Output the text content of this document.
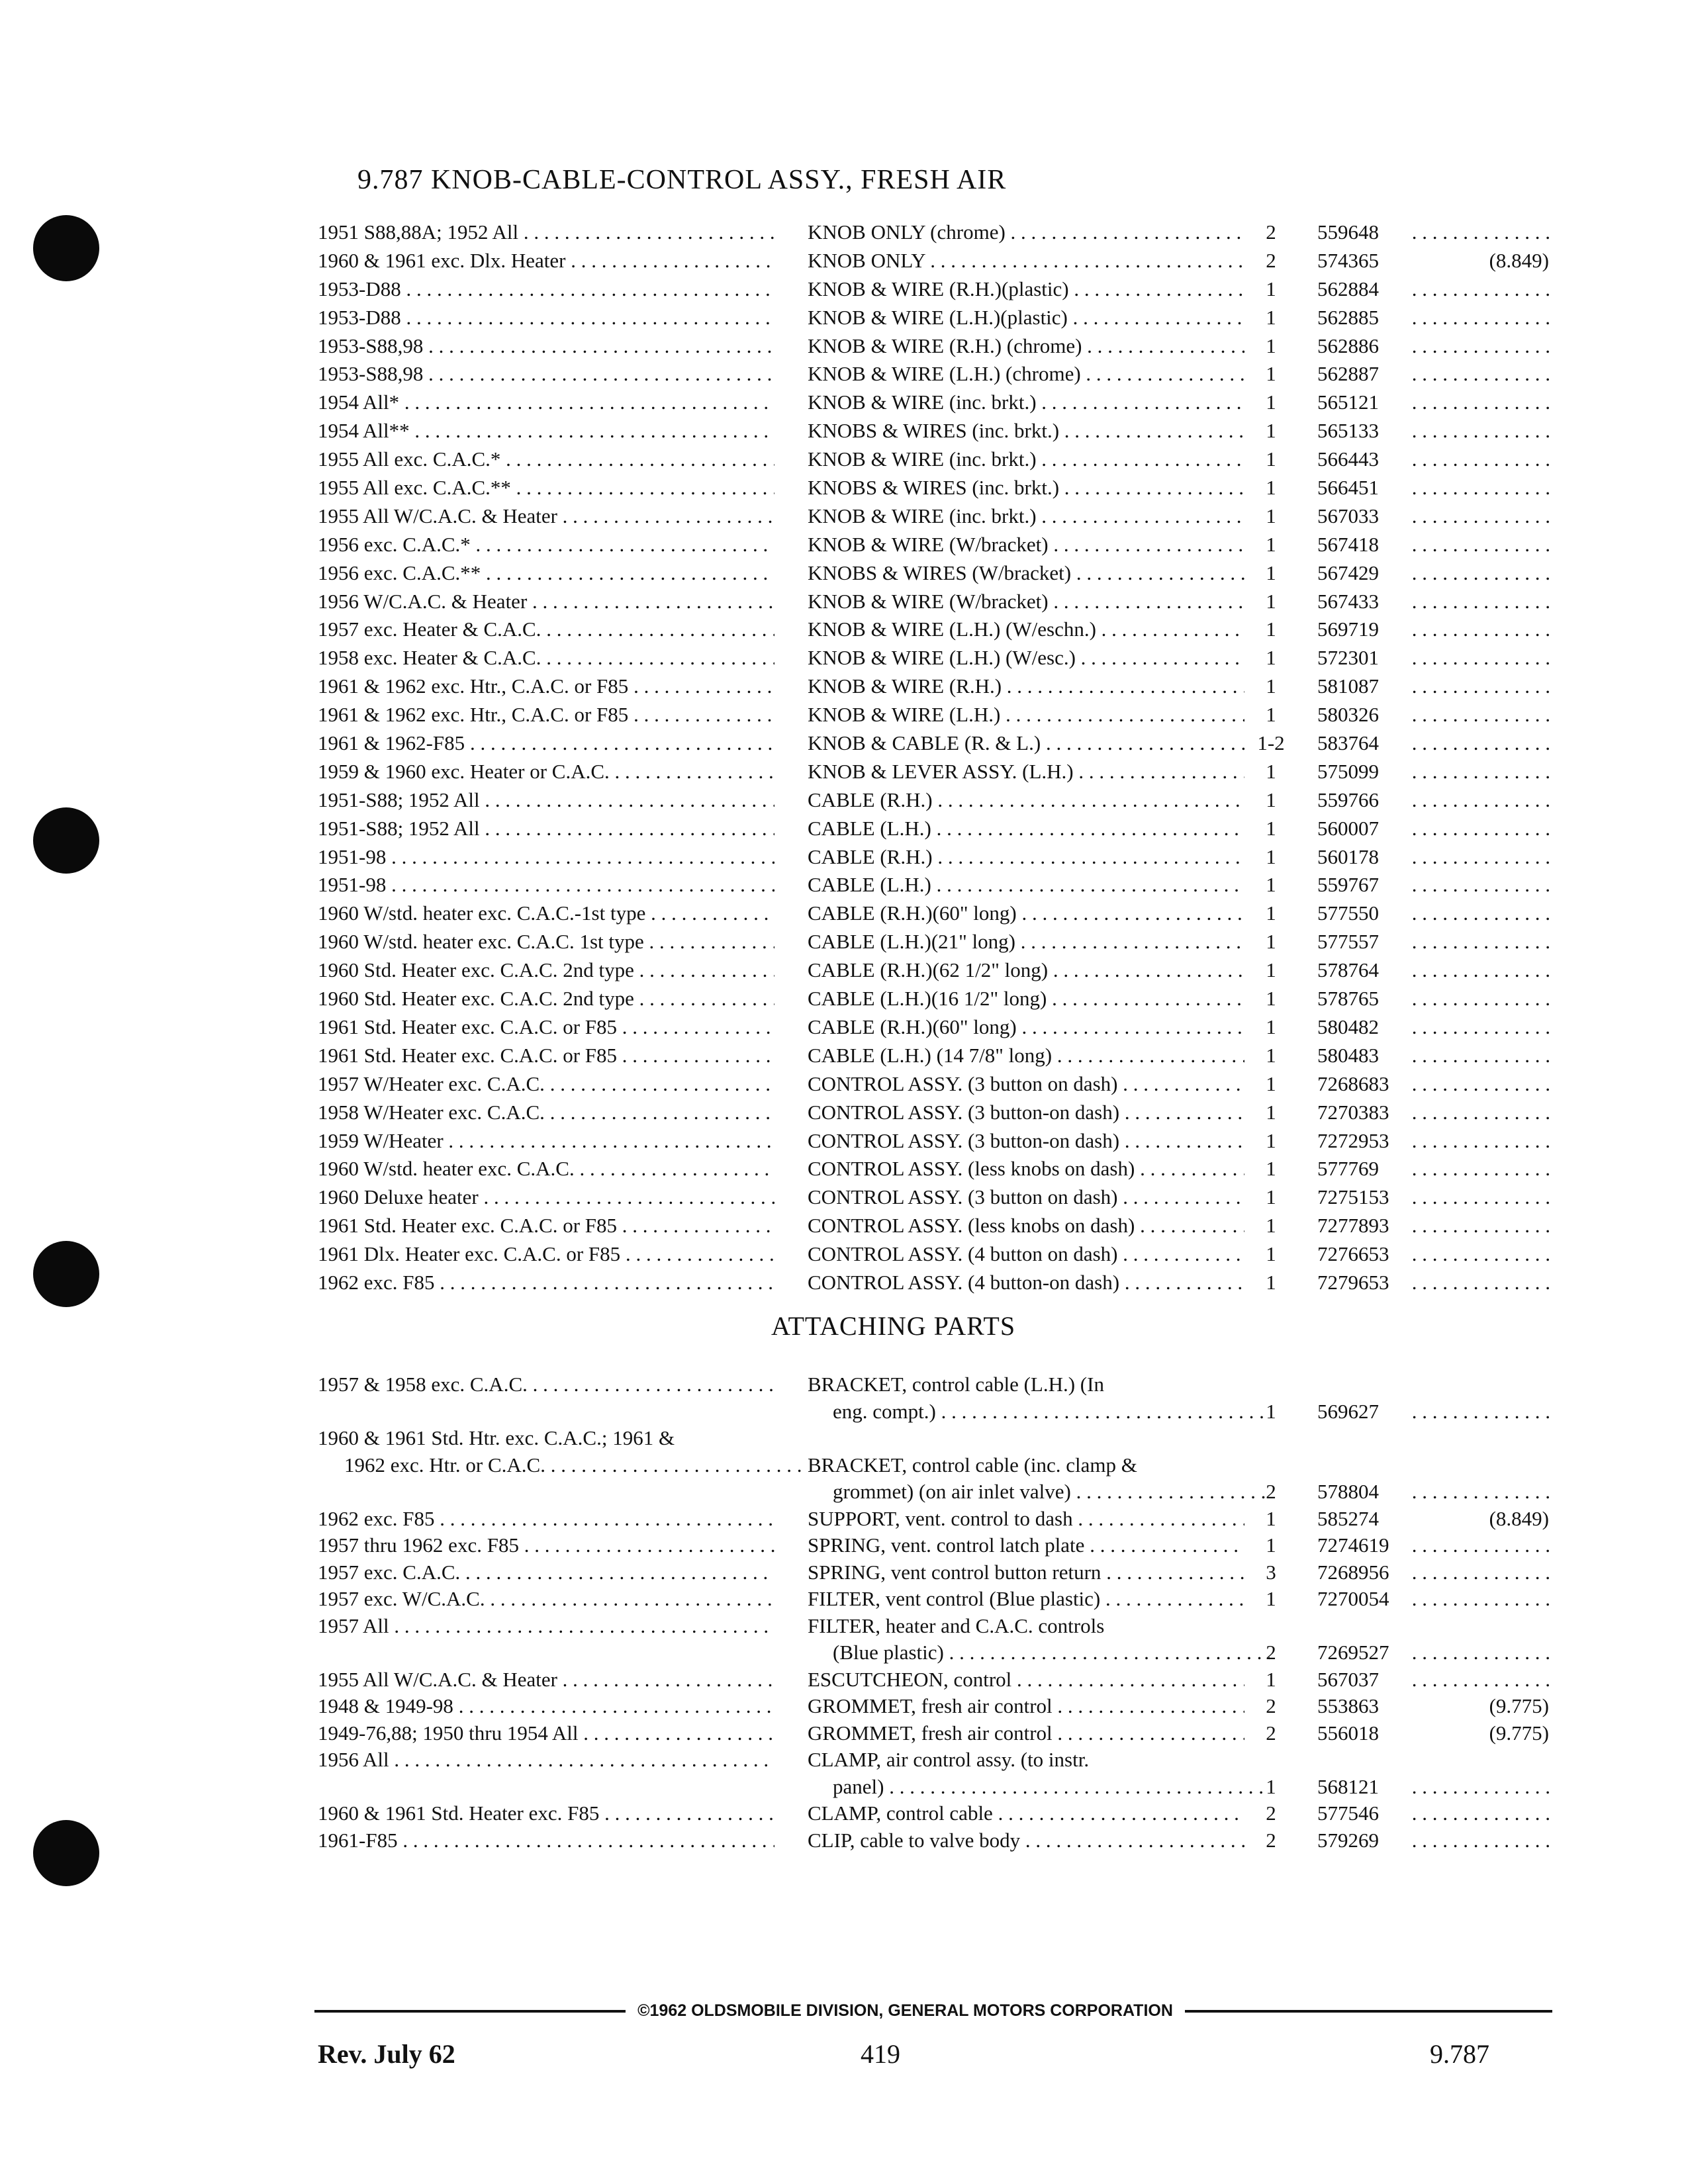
9.787 KNOB-CABLE-CONTROL ASSY., FRESH AIR
1951 S88,88A; 1952 All . . .	KNOB ONLY (chrome) . . .	2	559648 . . .
1960 & 1961 exc. Dlx. Heater . . .	KNOB ONLY . . .	2	574365	(8.849)
1953-D88 . . .	KNOB & WIRE (R.H.)(plastic) . . .	1	562884 . . .
1953-D88 . . .	KNOB & WIRE (L.H.)(plastic) . . .	1	562885 . . .
1953-S88,98 . . .	KNOB & WIRE (R.H.) (chrome) . . .	1	562886 . . .
1953-S88,98 . . .	KNOB & WIRE (L.H.) (chrome) . . .	1	562887 . . .
1954 All* . . .	KNOB & WIRE (inc. brkt.) . . .	1	565121 . . .
1954 All** . . .	KNOBS & WIRES (inc. brkt.) . . .	1	565133 . . .
1955 All exc. C.A.C.* . . .	KNOB & WIRE (inc. brkt.) . . .	1	566443 . . .
1955 All exc. C.A.C.** . . .	KNOBS & WIRES (inc. brkt.) . . .	1	566451 . . .
1955 All W/C.A.C. & Heater . . .	KNOB & WIRE (inc. brkt.) . . .	1	567033 . . .
1956 exc. C.A.C.* . . .	KNOB & WIRE (W/bracket) . . .	1	567418 . . .
1956 exc. C.A.C.** . . .	KNOBS & WIRES (W/bracket) . . .	1	567429 . . .
1956 W/C.A.C. & Heater . . .	KNOB & WIRE (W/bracket) . . .	1	567433 . . .
1957 exc. Heater & C.A.C. . . .	KNOB & WIRE (L.H.) (W/eschn.) . . .	1	569719 . . .
1958 exc. Heater & C.A.C. . . .	KNOB & WIRE (L.H.) (W/esc.) . . .	1	572301 . . .
1961 & 1962 exc. Htr., C.A.C. or F85 . . .	KNOB & WIRE (R.H.) . . .	1	581087 . . .
1961 & 1962 exc. Htr., C.A.C. or F85 . . .	KNOB & WIRE (L.H.) . . .	1	580326 . . .
1961 & 1962-F85 . . .	KNOB & CABLE (R. & L.) . . .	1-2	583764 . . .
1959 & 1960 exc. Heater or C.A.C. . . .	KNOB & LEVER ASSY. (L.H.) . . .	1	575099 . . .
1951-S88; 1952 All . . .	CABLE (R.H.) . . .	1	559766 . . .
1951-S88; 1952 All . . .	CABLE (L.H.) . . .	1	560007 . . .
1951-98 . . .	CABLE (R.H.) . . .	1	560178 . . .
1951-98 . . .	CABLE (L.H.) . . .	1	559767 . . .
1960 W/std. heater exc. C.A.C.-1st type . . .	CABLE (R.H.)(60" long) . . .	1	577550 . . .
1960 W/std. heater exc. C.A.C. 1st type . . .	CABLE (L.H.)(21" long) . . .	1	577557 . . .
1960 Std. Heater exc. C.A.C. 2nd type . . .	CABLE (R.H.)(62 1/2" long) . . .	1	578764 . . .
1960 Std. Heater exc. C.A.C. 2nd type . . .	CABLE (L.H.)(16 1/2" long) . . .	1	578765 . . .
1961 Std. Heater exc. C.A.C. or F85 . . .	CABLE (R.H.)(60" long) . . .	1	580482 . . .
1961 Std. Heater exc. C.A.C. or F85 . . .	CABLE (L.H.) (14 7/8" long) . . .	1	580483 . . .
1957 W/Heater exc. C.A.C. . . .	CONTROL ASSY. (3 button on dash) . . .	1	7268683 . . .
1958 W/Heater exc. C.A.C. . . .	CONTROL ASSY. (3 button-on dash) . . .	1	7270383 . . .
1959 W/Heater . . .	CONTROL ASSY. (3 button-on dash) . . .	1	7272953 . . .
1960 W/std. heater exc. C.A.C. . . .	CONTROL ASSY. (less knobs on dash) . . .	1	577769 . . .
1960 Deluxe heater . . .	CONTROL ASSY. (3 button on dash) . . .	1	7275153 . . .
1961 Std. Heater exc. C.A.C. or F85 . . .	CONTROL ASSY. (less knobs on dash) . . .	1	7277893 . . .
1961 Dlx. Heater exc. C.A.C. or F85 . . .	CONTROL ASSY. (4 button on dash) . . .	1	7276653 . . .
1962 exc. F85 . . .	CONTROL ASSY. (4 button-on dash) . . .	1	7279653 . . .
ATTACHING PARTS
1957 & 1958 exc. C.A.C. . . .	BRACKET, control cable (L.H.) (In
eng. compt.) . . .	1	569627 . . .
1960 & 1961 Std. Htr. exc. C.A.C.; 1961 &
1962 exc. Htr. or C.A.C. . . .	BRACKET, control cable (inc. clamp &
grommet) (on air inlet valve) . . .	2	578804 . . .
1962 exc. F85 . . .	SUPPORT, vent. control to dash . . .	1	585274	(8.849)
1957 thru 1962 exc. F85 . . .	SPRING, vent. control latch plate . . .	1	7274619 . . .
1957 exc. C.A.C. . . .	SPRING, vent control button return . . .	3	7268956 . . .
1957 exc. W/C.A.C. . . .	FILTER, vent control (Blue plastic) . . .	1	7270054 . . .
1957 All . . .	FILTER, heater and C.A.C. controls
(Blue plastic) . . .	2	7269527 . . .
1955 All W/C.A.C. & Heater . . .	ESCUTCHEON, control . . .	1	567037 . . .
1948 & 1949-98 . . .	GROMMET, fresh air control . . .	2	553863	(9.775)
1949-76,88; 1950 thru 1954 All . . .	GROMMET, fresh air control . . .	2	556018	(9.775)
1956 All . . .	CLAMP, air control assy. (to instr.
panel) . . .	1	568121 . . .
1960 & 1961 Std. Heater exc. F85 . . .	CLAMP, control cable . . .	2	577546 . . .
1961-F85 . . .	CLIP, cable to valve body . . .	2	579269 . . .
©1962 OLDSMOBILE DIVISION, GENERAL MOTORS CORPORATION
Rev. July 62	419	9.787
